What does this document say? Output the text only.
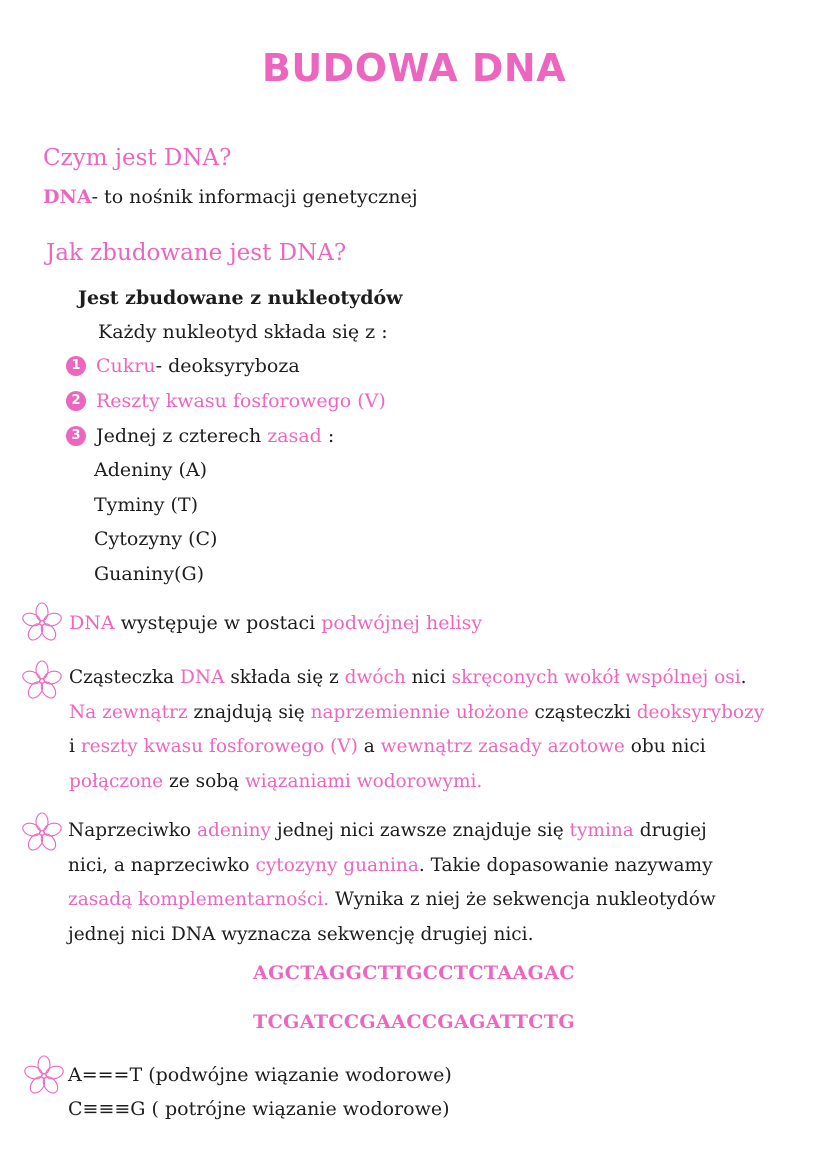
BUDOWA DNA
Czym jest DNA?
DNA- to nośnik informacji genetycznej
Jak zbudowane jest DNA?
Jest zbudowane z nukleotydów
Każdy nukleotyd składa się z :
1 Cukru- deoksyryboza
2 Reszty kwasu fosforowego (V)
3 Jednej z czterech zasad :
Adeniny (A)
Tyminy (T)
Cytozyny (C)
Guaniny(G)
DNA występuje w postaci podwójnej helisy
Cząsteczka DNA składa się z dwóch nici skręconych wokół wspólnej osi.
Na zewnątrz znajdują się naprzemiennie ułożone cząsteczki deoksyrybozy
i reszty kwasu fosforowego (V) a wewnątrz zasady azotowe obu nici
połączone ze sobą wiązaniami wodorowymi.
Naprzeciwko adeniny jednej nici zawsze znajduje się tymina drugiej
nici, a naprzeciwko cytozyny guanina. Takie dopasowanie nazywamy
zasadą komplementarności. Wynika z niej że sekwencja nukleotydów
jednej nici DNA wyznacza sekwencję drugiej nici.
AGCTAGGCTTGCCTCTAAGAC
TCGATCCGAACCGAGATTCTG
A===T (podwójne wiązanie wodorowe)
C≡≡≡G ( potrójne wiązanie wodorowe)
